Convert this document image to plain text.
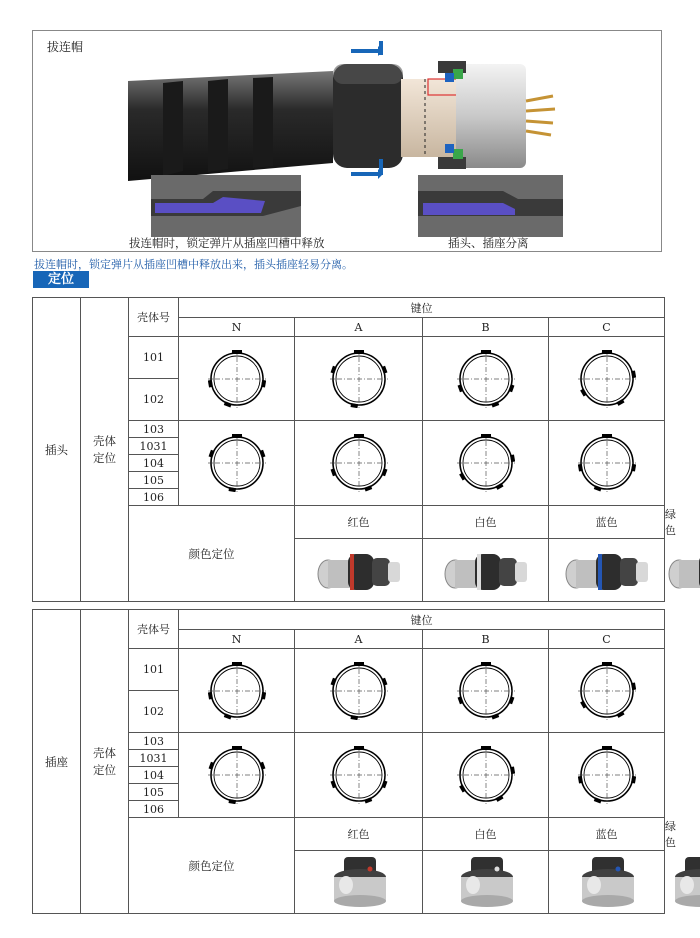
拔连帽
拔连帽时，锁定弹片从插座凹槽中释放	插头、插座分离
拔连帽时，锁定弹片从插座凹槽中释放出来，插头插座轻易分离。
定位
插头	壳体定位	壳体号	键位				
			N	A	B	C	
		101	

		102					
		103	

		1031					
		104					
		105					
		106					
		颜色定位		红色	白色	蓝色	绿色

插座	壳体定位	壳体号	键位				
			N	A	B	C	
		101	

		102					
		103	

		1031					
		104					
		105					
		106					
		颜色定位		红色	白色	蓝色	绿色
